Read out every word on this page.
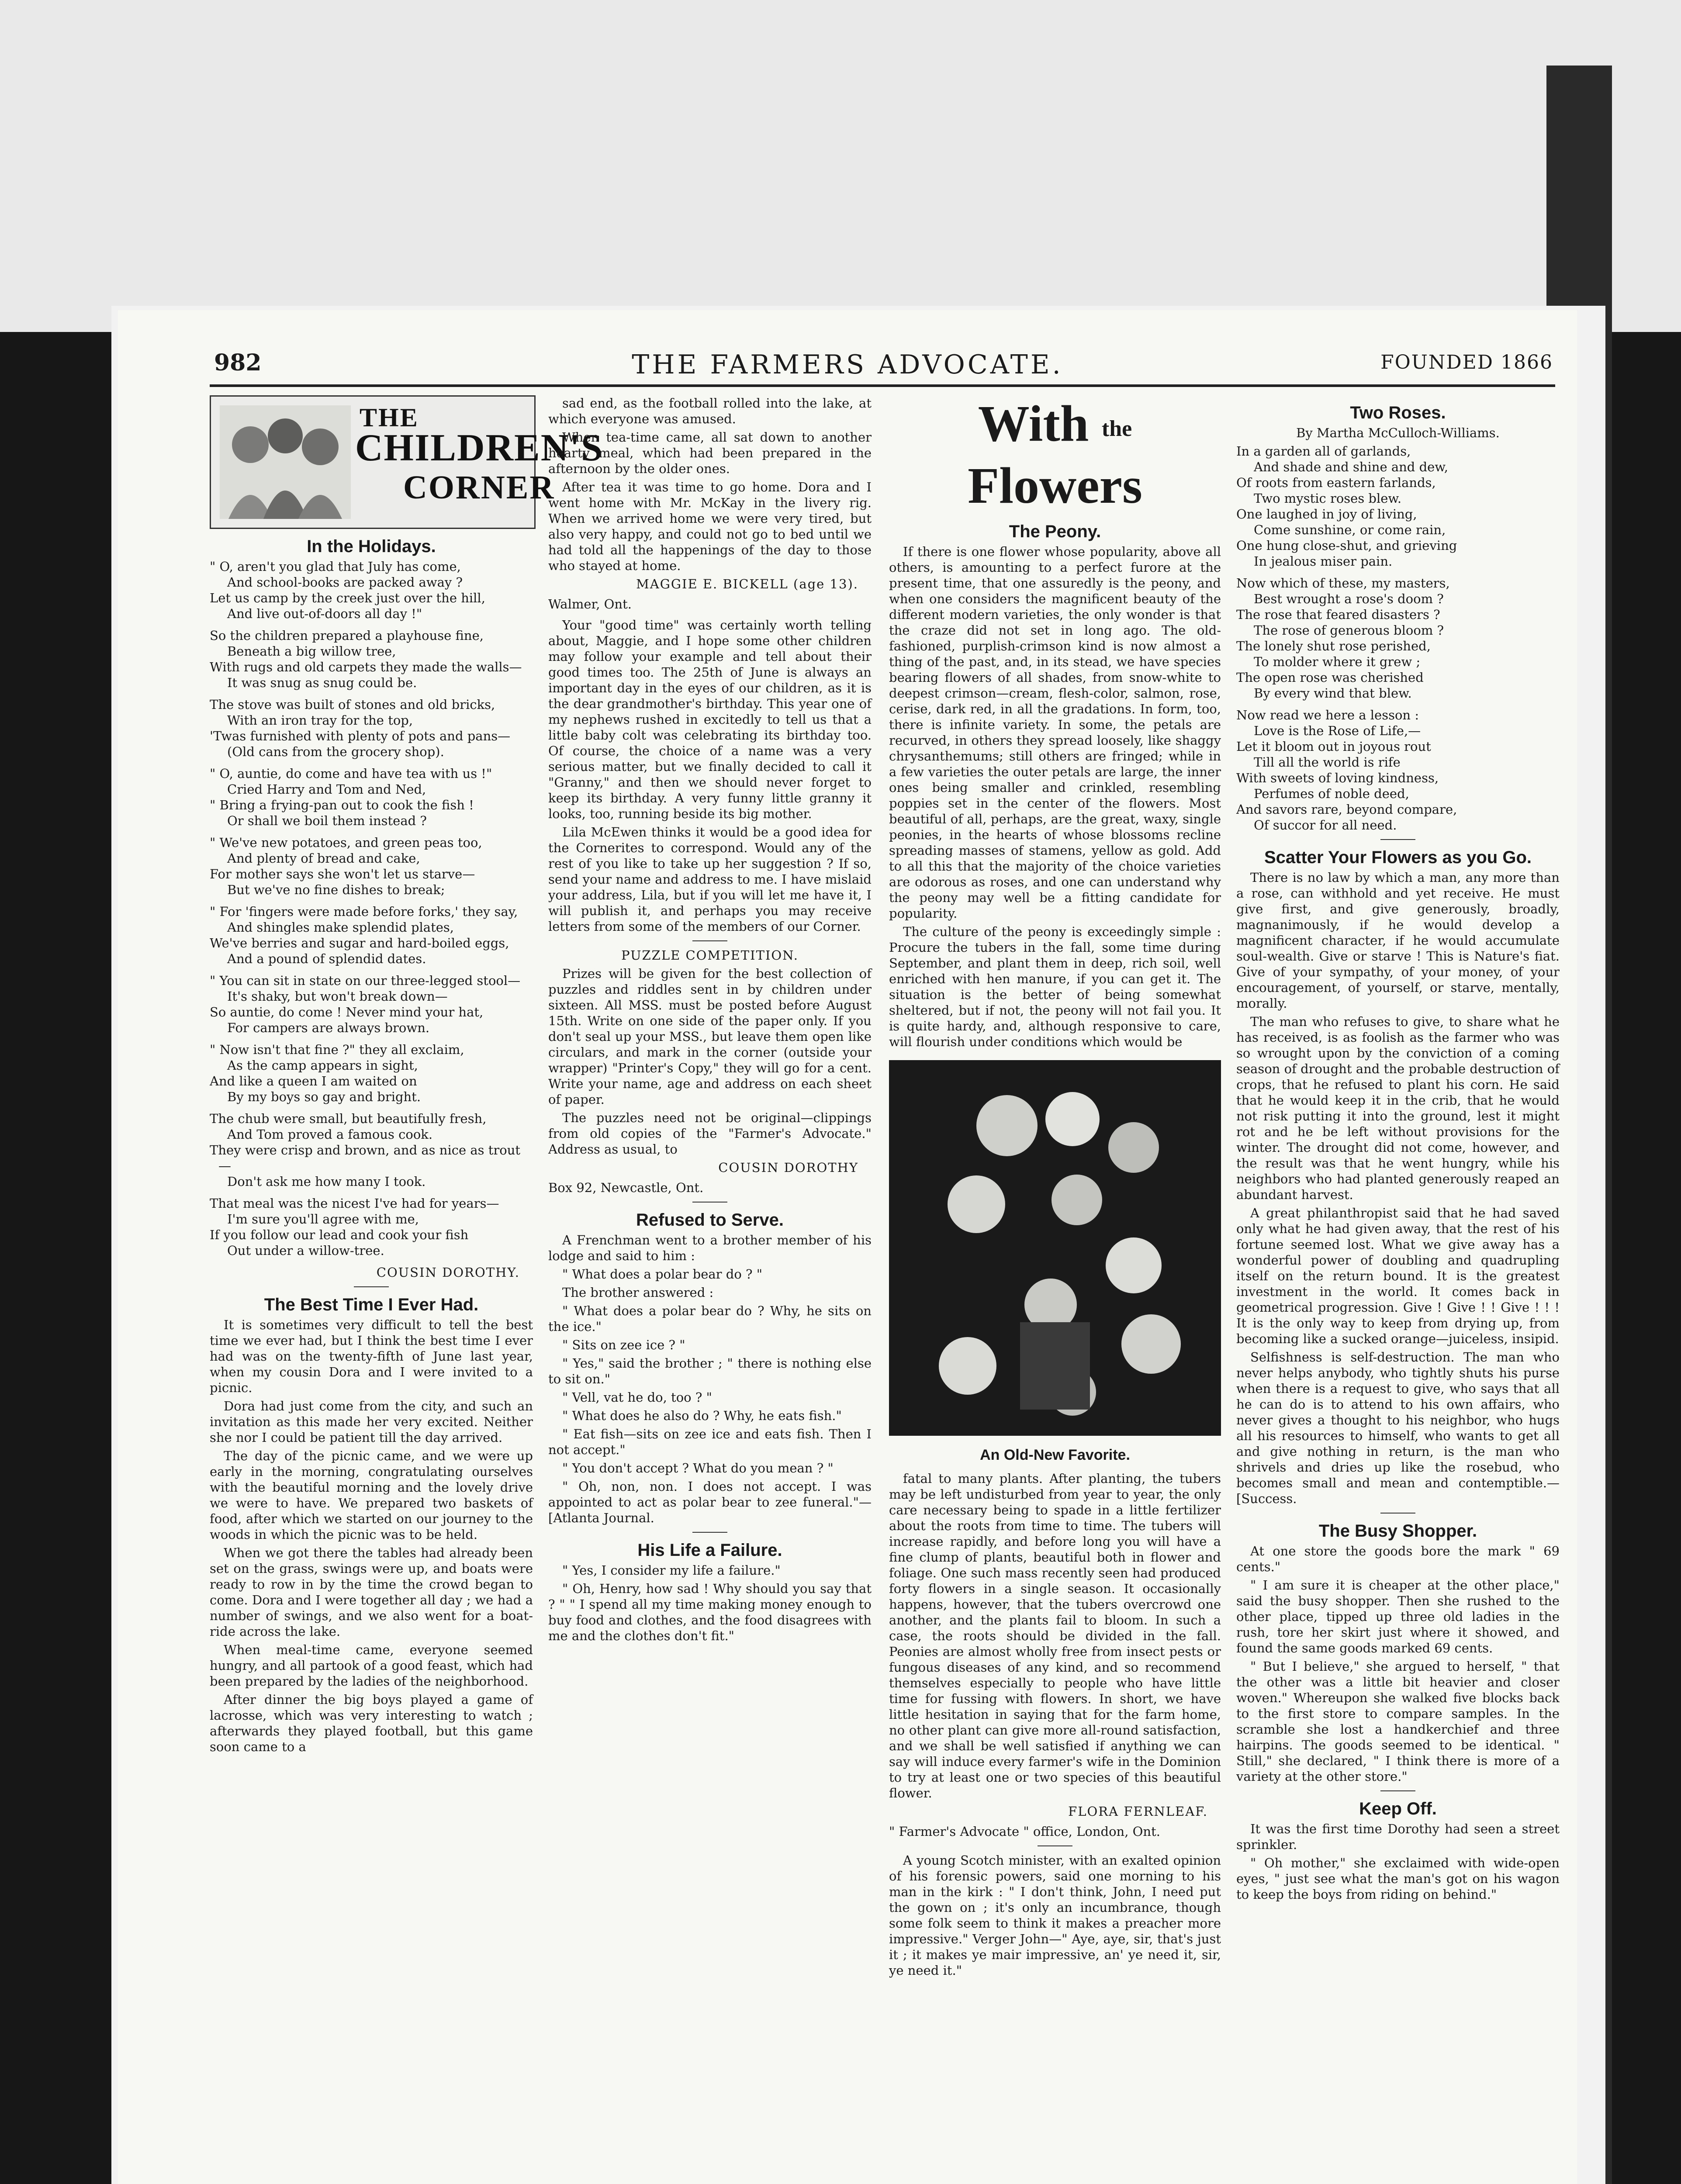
982	THE FARMERS ADVOCATE.	FOUNDED 1866
THE
CHILDREN'S
CORNER
In the Holidays.
" O, aren't you glad that July has come,
And school-books are packed away ?
Let us camp by the creek just over the hill,
And live out-of-doors all day !"
So the children prepared a playhouse fine,
Beneath a big willow tree,
With rugs and old carpets they made the walls—
It was snug as snug could be.
The stove was built of stones and old bricks,
With an iron tray for the top,
'Twas furnished with plenty of pots and pans—
(Old cans from the grocery shop).
" O, auntie, do come and have tea with us !"
Cried Harry and Tom and Ned,
" Bring a frying-pan out to cook the fish !
Or shall we boil them instead ?
" We've new potatoes, and green peas too,
And plenty of bread and cake,
For mother says she won't let us starve—
But we've no fine dishes to break;
" For 'fingers were made before forks,' they say,
And shingles make splendid plates,
We've berries and sugar and hard-boiled eggs,
And a pound of splendid dates.
" You can sit in state on our three-legged stool—
It's shaky, but won't break down—
So auntie, do come ! Never mind your hat,
For campers are always brown.
" Now isn't that fine ?" they all exclaim,
As the camp appears in sight,
And like a queen I am waited on
By my boys so gay and bright.
The chub were small, but beautifully fresh,
And Tom proved a famous cook.
They were crisp and brown, and as nice as trout—
Don't ask me how many I took.
That meal was the nicest I've had for years—
I'm sure you'll agree with me,
If you follow our lead and cook your fish
Out under a willow-tree.
COUSIN DOROTHY.
The Best Time I Ever Had.

It is sometimes very difficult to tell the best time we ever had, but I think the best time I ever had was on the twenty-fifth of June last year, when my cousin Dora and I were invited to a picnic.

Dora had just come from the city, and such an invitation as this made her very excited. Neither she nor I could be patient till the day arrived.

The day of the picnic came, and we were up early in the morning, congratulating ourselves with the beautiful morning and the lovely drive we were to have. We prepared two baskets of food, after which we started on our journey to the woods in which the picnic was to be held.

When we got there the tables had already been set on the grass, swings were up, and boats were ready to row in by the time the crowd began to come. Dora and I were together all day ; we had a number of swings, and we also went for a boat-ride across the lake.

When meal-time came, everyone seemed hungry, and all partook of a good feast, which had been prepared by the ladies of the neighborhood.

After dinner the big boys played a game of lacrosse, which was very interesting to watch ; afterwards they played football, but this game soon came to a

sad end, as the football rolled into the lake, at which everyone was amused.

When tea-time came, all sat down to another hearty meal, which had been prepared in the afternoon by the older ones.

After tea it was time to go home. Dora and I went home with Mr. McKay in the livery rig. When we arrived home we were very tired, but also very happy, and could not go to bed until we had told all the happenings of the day to those who stayed at home.

MAGGIE E. BICKELL (age 13).
Walmer, Ont.

Your "good time" was certainly worth telling about, Maggie, and I hope some other children may follow your example and tell about their good times too. The 25th of June is always an important day in the eyes of our children, as it is the dear grandmother's birthday. This year one of my nephews rushed in excitedly to tell us that a little baby colt was celebrating its birthday too. Of course, the choice of a name was a very serious matter, but we finally decided to call it "Granny," and then we should never forget to keep its birthday. A very funny little granny it looks, too, running beside its big mother.

Lila McEwen thinks it would be a good idea for the Cornerites to correspond. Would any of the rest of you like to take up her suggestion ? If so, send your name and address to me. I have mislaid your address, Lila, but if you will let me have it, I will publish it, and perhaps you may receive letters from some of the members of our Corner.

PUZZLE COMPETITION.

Prizes will be given for the best collection of puzzles and riddles sent in by children under sixteen. All MSS. must be posted before August 15th. Write on one side of the paper only. If you don't seal up your MSS., but leave them open like circulars, and mark in the corner (outside your wrapper) "Printer's Copy," they will go for a cent. Write your name, age and address on each sheet of paper.

The puzzles need not be original—clippings from old copies of the "Farmer's Advocate." Address as usual, to

COUSIN DOROTHY
Box 92, Newcastle, Ont.
Refused to Serve.

A Frenchman went to a brother member of his lodge and said to him :

" What does a polar bear do ? "

The brother answered :

" What does a polar bear do ? Why, he sits on the ice."

" Sits on zee ice ? "

" Yes," said the brother ; " there is nothing else to sit on."

" Vell, vat he do, too ? "

" What does he also do ? Why, he eats fish."

" Eat fish—sits on zee ice and eats fish. Then I not accept."

" You don't accept ? What do you mean ? "

" Oh, non, non. I does not accept. I was appointed to act as polar bear to zee funeral."—[Atlanta Journal.

His Life a Failure.

" Yes, I consider my life a failure."

" Oh, Henry, how sad ! Why should you say that ? " " I spend all my time making money enough to buy food and clothes, and the food disagrees with me and the clothes don't fit."

With the Flowers
The Peony.

If there is one flower whose popularity, above all others, is amounting to a perfect furore at the present time, that one assuredly is the peony, and when one considers the magnificent beauty of the different modern varieties, the only wonder is that the craze did not set in long ago. The old-fashioned, purplish-crimson kind is now almost a thing of the past, and, in its stead, we have species bearing flowers of all shades, from snow-white to deepest crimson—cream, flesh-color, salmon, rose, cerise, dark red, in all the gradations. In form, too, there is infinite variety. In some, the petals are recurved, in others they spread loosely, like shaggy chrysanthemums; still others are fringed; while in a few varieties the outer petals are large, the inner ones being smaller and crinkled, resembling poppies set in the center of the flowers. Most beautiful of all, perhaps, are the great, waxy, single peonies, in the hearts of whose blossoms recline spreading masses of stamens, yellow as gold. Add to all this that the majority of the choice varieties are odorous as roses, and one can understand why the peony may well be a fitting candidate for popularity.

The culture of the peony is exceedingly simple : Procure the tubers in the fall, some time during September, and plant them in deep, rich soil, well enriched with hen manure, if you can get it. The situation is the better of being somewhat sheltered, but if not, the peony will not fail you. It is quite hardy, and, although responsive to care, will flourish under conditions which would be

An Old-New Favorite.

fatal to many plants. After planting, the tubers may be left undisturbed from year to year, the only care necessary being to spade in a little fertilizer about the roots from time to time. The tubers will increase rapidly, and before long you will have a fine clump of plants, beautiful both in flower and foliage. One such mass recently seen had produced forty flowers in a single season. It occasionally happens, however, that the tubers overcrowd one another, and the plants fail to bloom. In such a case, the roots should be divided in the fall. Peonies are almost wholly free from insect pests or fungous diseases of any kind, and so recommend themselves especially to people who have little time for fussing with flowers. In short, we have little hesitation in saying that for the farm home, no other plant can give more all-round satisfaction, and we shall be well satisfied if anything we can say will induce every farmer's wife in the Dominion to try at least one or two species of this beautiful flower.

FLORA FERNLEAF.
" Farmer's Advocate " office, London, Ont.

A young Scotch minister, with an exalted opinion of his forensic powers, said one morning to his man in the kirk : " I don't think, John, I need put the gown on ; it's only an incumbrance, though some folk seem to think it makes a preacher more impressive." Verger John—" Aye, aye, sir, that's just it ; it makes ye mair impressive, an' ye need it, sir, ye need it."

Two Roses.
By Martha McCulloch-Williams.
In a garden all of garlands,
And shade and shine and dew,
Of roots from eastern farlands,
Two mystic roses blew.
One laughed in joy of living,
Come sunshine, or come rain,
One hung close-shut, and grieving
In jealous miser pain.
Now which of these, my masters,
Best wrought a rose's doom ?
The rose that feared disasters ?
The rose of generous bloom ?
The lonely shut rose perished,
To molder where it grew ;
The open rose was cherished
By every wind that blew.
Now read we here a lesson :
Love is the Rose of Life,—
Let it bloom out in joyous rout
Till all the world is rife
With sweets of loving kindness,
Perfumes of noble deed,
And savors rare, beyond compare,
Of succor for all need.
Scatter Your Flowers as you Go.

There is no law by which a man, any more than a rose, can withhold and yet receive. He must give first, and give generously, broadly, magnanimously, if he would develop a magnificent character, if he would accumulate soul-wealth. Give or starve ! This is Nature's fiat. Give of your sympathy, of your money, of your encouragement, of yourself, or starve, mentally, morally.

The man who refuses to give, to share what he has received, is as foolish as the farmer who was so wrought upon by the conviction of a coming season of drought and the probable destruction of crops, that he refused to plant his corn. He said that he would keep it in the crib, that he would not risk putting it into the ground, lest it might rot and he be left without provisions for the winter. The drought did not come, however, and the result was that he went hungry, while his neighbors who had planted generously reaped an abundant harvest.

A great philanthropist said that he had saved only what he had given away, that the rest of his fortune seemed lost. What we give away has a wonderful power of doubling and quadrupling itself on the return bound. It is the greatest investment in the world. It comes back in geometrical progression. Give ! Give ! ! Give ! ! ! It is the only way to keep from drying up, from becoming like a sucked orange—juiceless, insipid.

Selfishness is self-destruction. The man who never helps anybody, who tightly shuts his purse when there is a request to give, who says that all he can do is to attend to his own affairs, who never gives a thought to his neighbor, who hugs all his resources to himself, who wants to get all and give nothing in return, is the man who shrivels and dries up like the rosebud, who becomes small and mean and contemptible.—[Success.

The Busy Shopper.

At one store the goods bore the mark " 69 cents."

" I am sure it is cheaper at the other place," said the busy shopper. Then she rushed to the other place, tipped up three old ladies in the rush, tore her skirt just where it showed, and found the same goods marked 69 cents.

" But I believe," she argued to herself, " that the other was a little bit heavier and closer woven." Whereupon she walked five blocks back to the first store to compare samples. In the scramble she lost a handkerchief and three hairpins. The goods seemed to be identical. " Still," she declared, " I think there is more of a variety at the other store."

Keep Off.

It was the first time Dorothy had seen a street sprinkler.

" Oh mother," she exclaimed with wide-open eyes, " just see what the man's got on his wagon to keep the boys from riding on behind."
